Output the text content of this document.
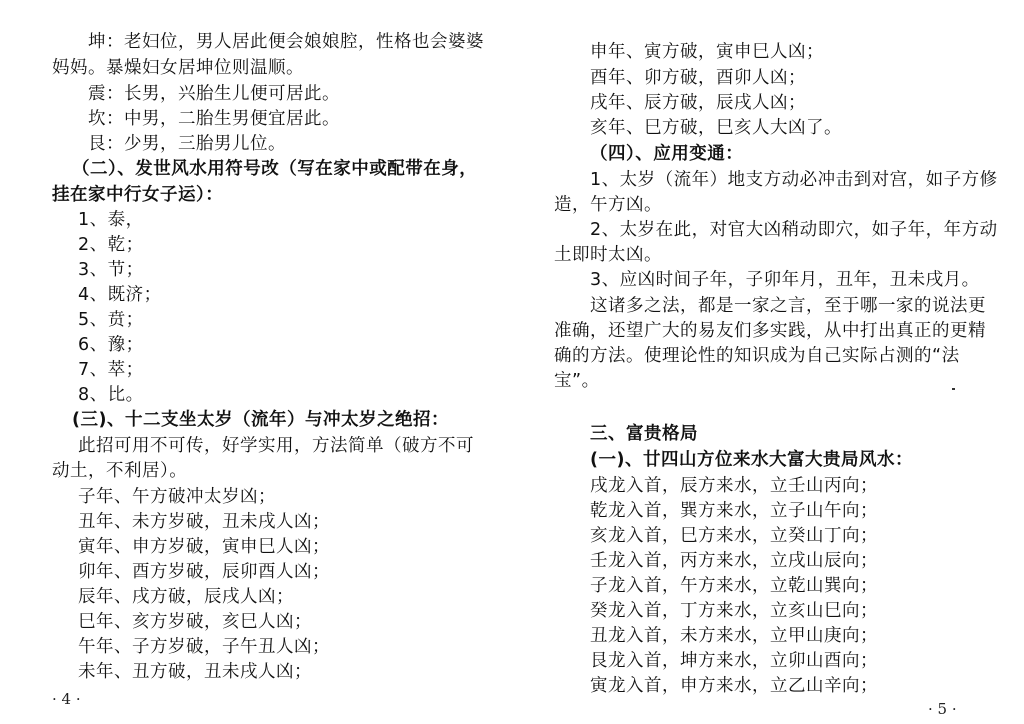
坤：老妇位，男人居此便会娘娘腔，性格也会婆婆
妈妈。暴燥妇女居坤位则温顺。
震：长男，兴胎生儿便可居此。
坎：中男，二胎生男便宜居此。
艮：少男，三胎男儿位。
（二）、发世风水用符号改（写在家中或配带在身，
挂在家中行女子运）：
1、泰，
2、乾；
3、节；
4、既济；
5、贲；
6、豫；
7、萃；
8、比。
(三)、十二支坐太岁（流年）与冲太岁之绝招：
此招可用不可传，好学实用，方法简单（破方不可
动土，不利居）。
子年、午方破冲太岁凶；
丑年、未方岁破，丑未戌人凶；
寅年、申方岁破，寅申巳人凶；
卯年、酉方岁破，辰卯酉人凶；
辰年、戌方破，辰戌人凶；
巳年、亥方岁破，亥巳人凶；
午年、子方岁破，子午丑人凶；
未年、丑方破，丑未戌人凶；
· 4 ·
申年、寅方破，寅申巳人凶；
酉年、卯方破，酉卯人凶；
戌年、辰方破，辰戌人凶；
亥年、巳方破，巳亥人大凶了。
（四）、应用变通：
1、太岁（流年）地支方动必冲击到对宫，如子方修
造，午方凶。
2、太岁在此，对官大凶稍动即穴，如子年，年方动
土即时太凶。
3、应凶时间子年，子卯年月，丑年，丑未戌月。
这诸多之法，都是一家之言，至于哪一家的说法更
准确，还望广大的易友们多实践，从中打出真正的更精
确的方法。使理论性的知识成为自己实际占测的“法
宝”。
三、富贵格局
(一)、廿四山方位来水大富大贵局风水：
戌龙入首，辰方来水，立壬山丙向；
乾龙入首，巽方来水，立子山午向；
亥龙入首，巳方来水，立癸山丁向；
壬龙入首，丙方来水，立戌山辰向；
子龙入首，午方来水，立乾山巽向；
癸龙入首，丁方来水，立亥山巳向；
丑龙入首，未方来水，立甲山庚向；
艮龙入首，坤方来水，立卯山酉向；
寅龙入首，申方来水，立乙山辛向；
· 5 ·
